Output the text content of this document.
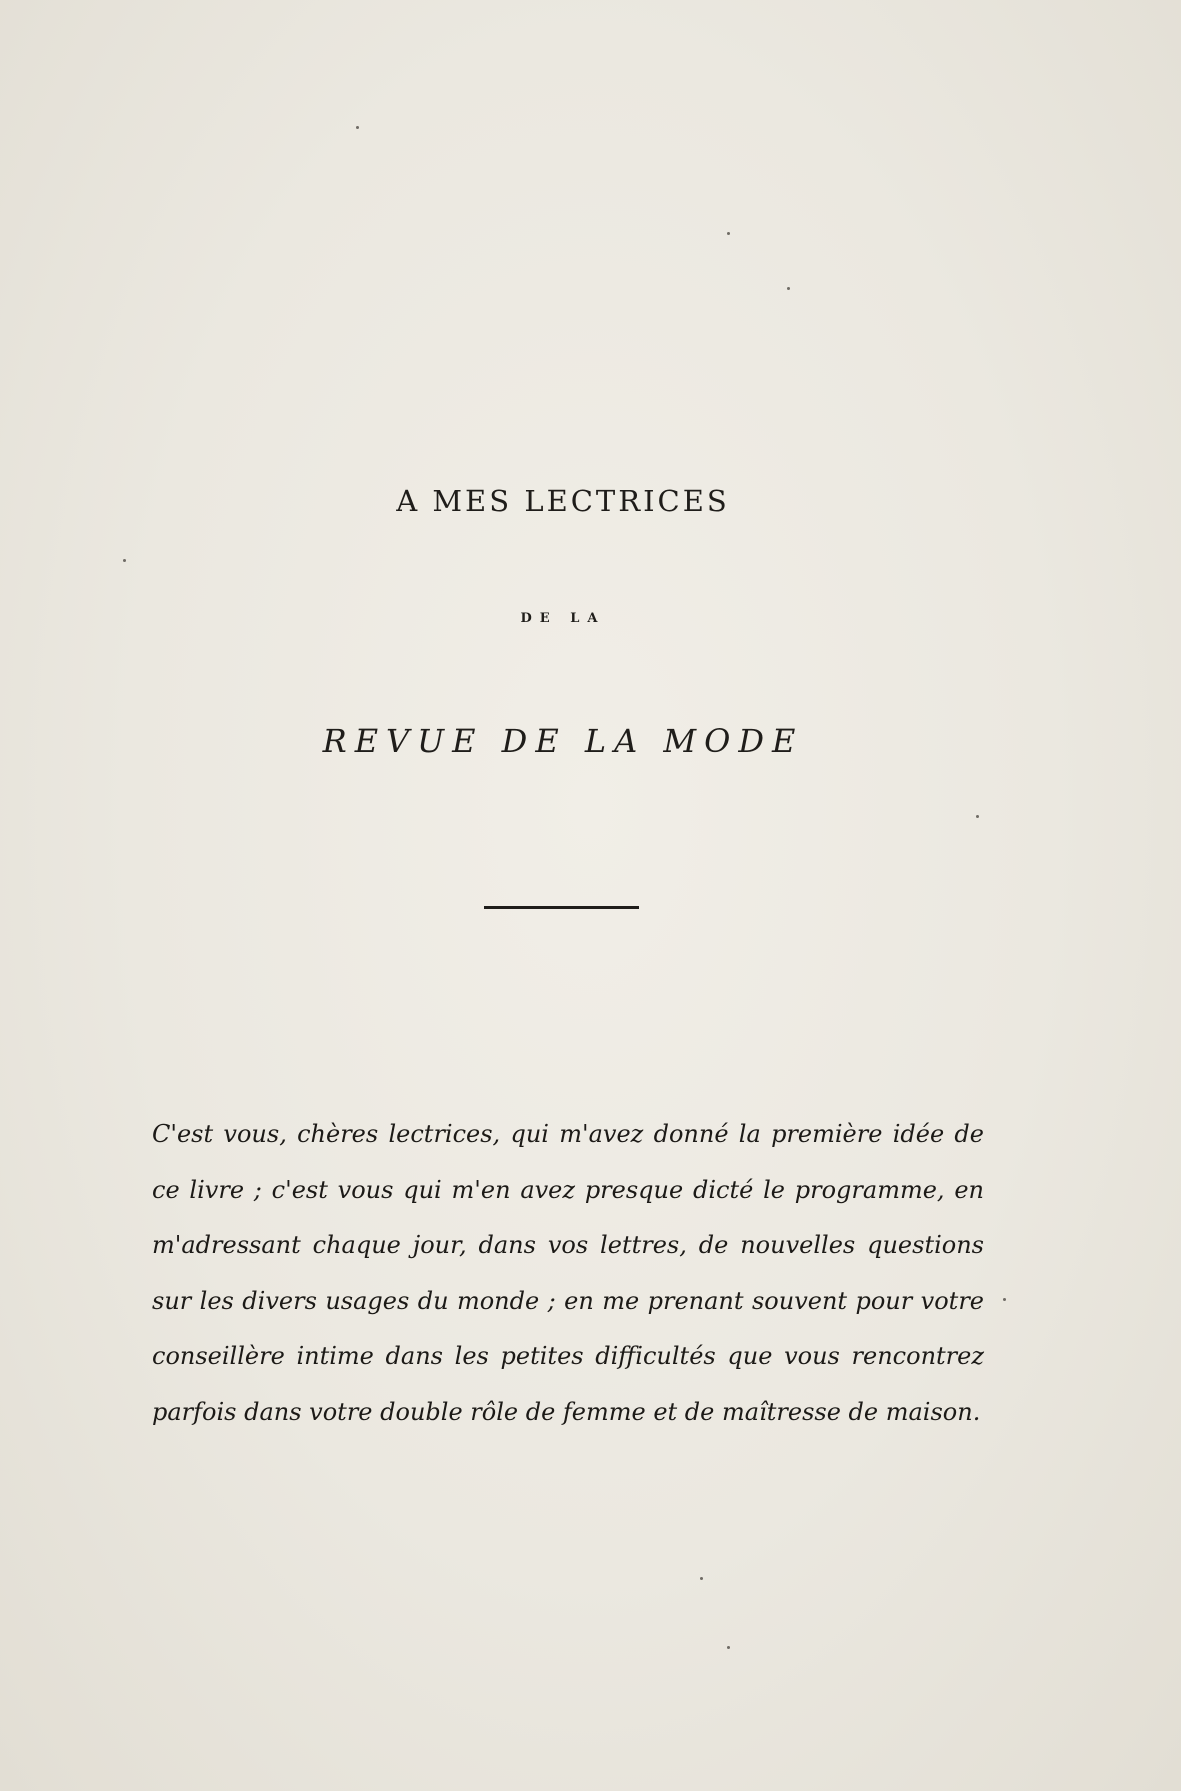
A MES LECTRICES
DE LA
REVUE DE LA MODE

C'est vous, chères lectrices, qui m'avez donné la première idée de ce livre ; c'est vous qui m'en avez presque dicté le programme, en m'adressant chaque jour, dans vos lettres, de nouvelles questions sur les divers usages du monde ; en me prenant souvent pour votre conseillère intime dans les petites difficultés que vous rencontrez parfois dans votre double rôle de femme et de maîtresse de maison.
